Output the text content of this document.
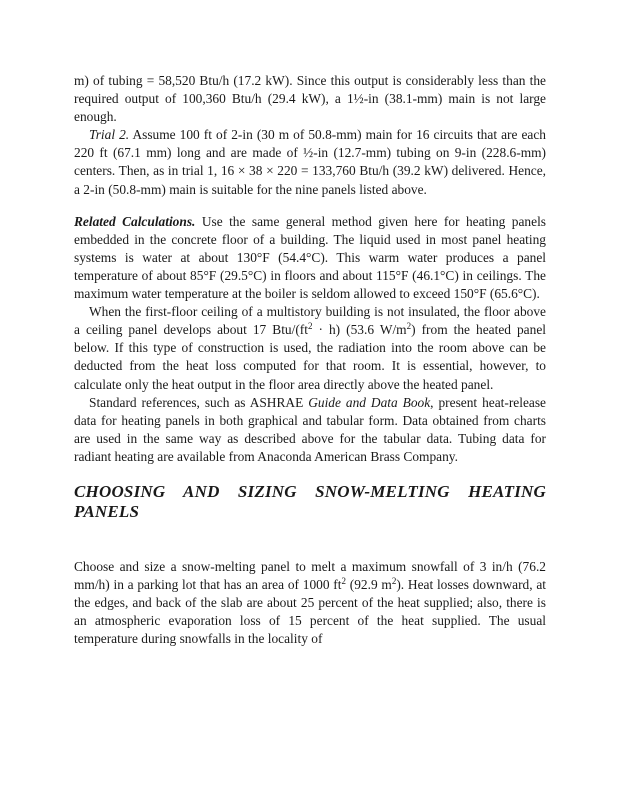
m) of tubing = 58,520 Btu/h (17.2 kW). Since this output is considerably less than the required output of 100,360 Btu/h (29.4 kW), a 1½-in (38.1-mm) main is not large enough.

Trial 2. Assume 100 ft of 2-in (30 m of 50.8-mm) main for 16 circuits that are each 220 ft (67.1 mm) long and are made of ½-in (12.7-mm) tubing on 9-in (228.6-mm) centers. Then, as in trial 1, 16 × 38 × 220 = 133,760 Btu/h (39.2 kW) delivered. Hence, a 2-in (50.8-mm) main is suitable for the nine panels listed above.

Related Calculations. Use the same general method given here for heating panels embedded in the concrete floor of a building. The liquid used in most panel heating systems is water at about 130°F (54.4°C). This warm water produces a panel temperature of about 85°F (29.5°C) in floors and about 115°F (46.1°C) in ceilings. The maximum water temperature at the boiler is seldom allowed to exceed 150°F (65.6°C).

When the first-floor ceiling of a multistory building is not insulated, the floor above a ceiling panel develops about 17 Btu/$(ft^2 \cdot h)$ (53.6 $W/m^2$) from the heated panel below. If this type of construction is used, the radiation into the room above can be deducted from the heat loss computed for that room. It is essential, however, to calculate only the heat output in the floor area directly above the heated panel.

Standard references, such as ASHRAE Guide and Data Book, present heat-release data for heating panels in both graphical and tabular form. Data obtained from charts are used in the same way as described above for the tabular data. Tubing data for radiant heating are available from Anaconda American Brass Company.

CHOOSING AND SIZING SNOW-MELTING HEATING PANELS

Choose and size a snow-melting panel to melt a maximum snowfall of 3 in/h (76.2 mm/h) in a parking lot that has an area of 1000 $ft^2$ (92.9 $m^2$). Heat losses downward, at the edges, and back of the slab are about 25 percent of the heat supplied; also, there is an atmospheric evaporation loss of 15 percent of the heat supplied. The usual temperature during snowfalls in the locality of
